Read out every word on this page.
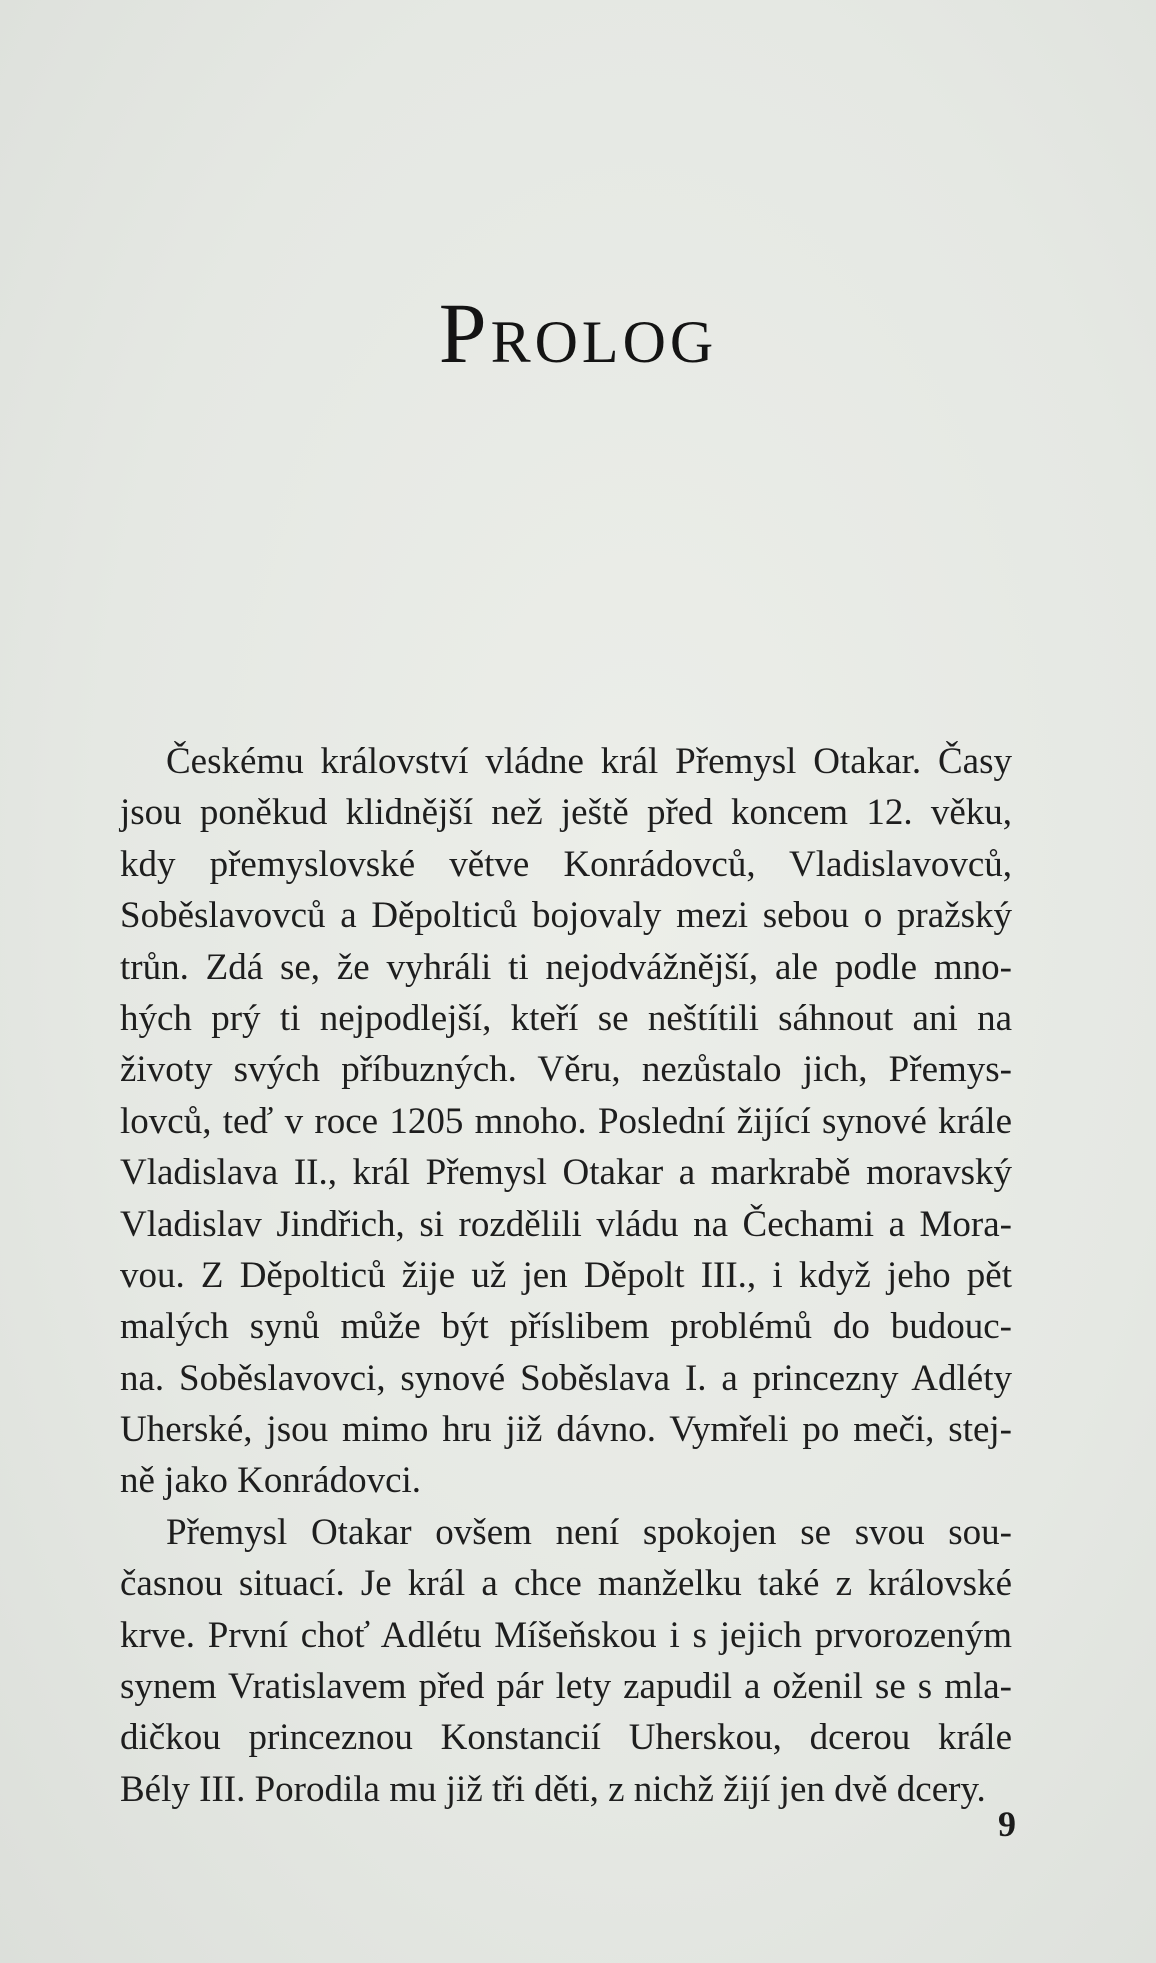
Prolog
Českému království vládne král Přemysl Otakar. Časy
jsou poněkud klidnější než ještě před koncem 12. věku,
kdy přemyslovské větve Konrádovců, Vladislavovců,
Soběslavovců a Děpolticů bojovaly mezi sebou o pražský
trůn. Zdá se, že vyhráli ti nejodvážnější, ale podle mno-
hých prý ti nejpodlejší, kteří se neštítili sáhnout ani na
životy svých příbuzných. Věru, nezůstalo jich, Přemys-
lovců, teď v roce 1205 mnoho. Poslední žijící synové krále
Vladislava II., král Přemysl Otakar a markrabě moravský
Vladislav Jindřich, si rozdělili vládu na Čechami a Mora-
vou. Z Děpolticů žije už jen Děpolt III., i když jeho pět
malých synů může být příslibem problémů do budouc-
na. Soběslavovci, synové Soběslava I. a princezny Adléty
Uherské, jsou mimo hru již dávno. Vymřeli po meči, stej-
ně jako Konrádovci.
Přemysl Otakar ovšem není spokojen se svou sou-
časnou situací. Je král a chce manželku také z královské
krve. První choť Adlétu Míšeňskou i s jejich prvorozeným
synem Vratislavem před pár lety zapudil a oženil se s mla-
dičkou princeznou Konstancií Uherskou, dcerou krále
Bély III. Porodila mu již tři děti, z nichž žijí jen dvě dcery.
9
